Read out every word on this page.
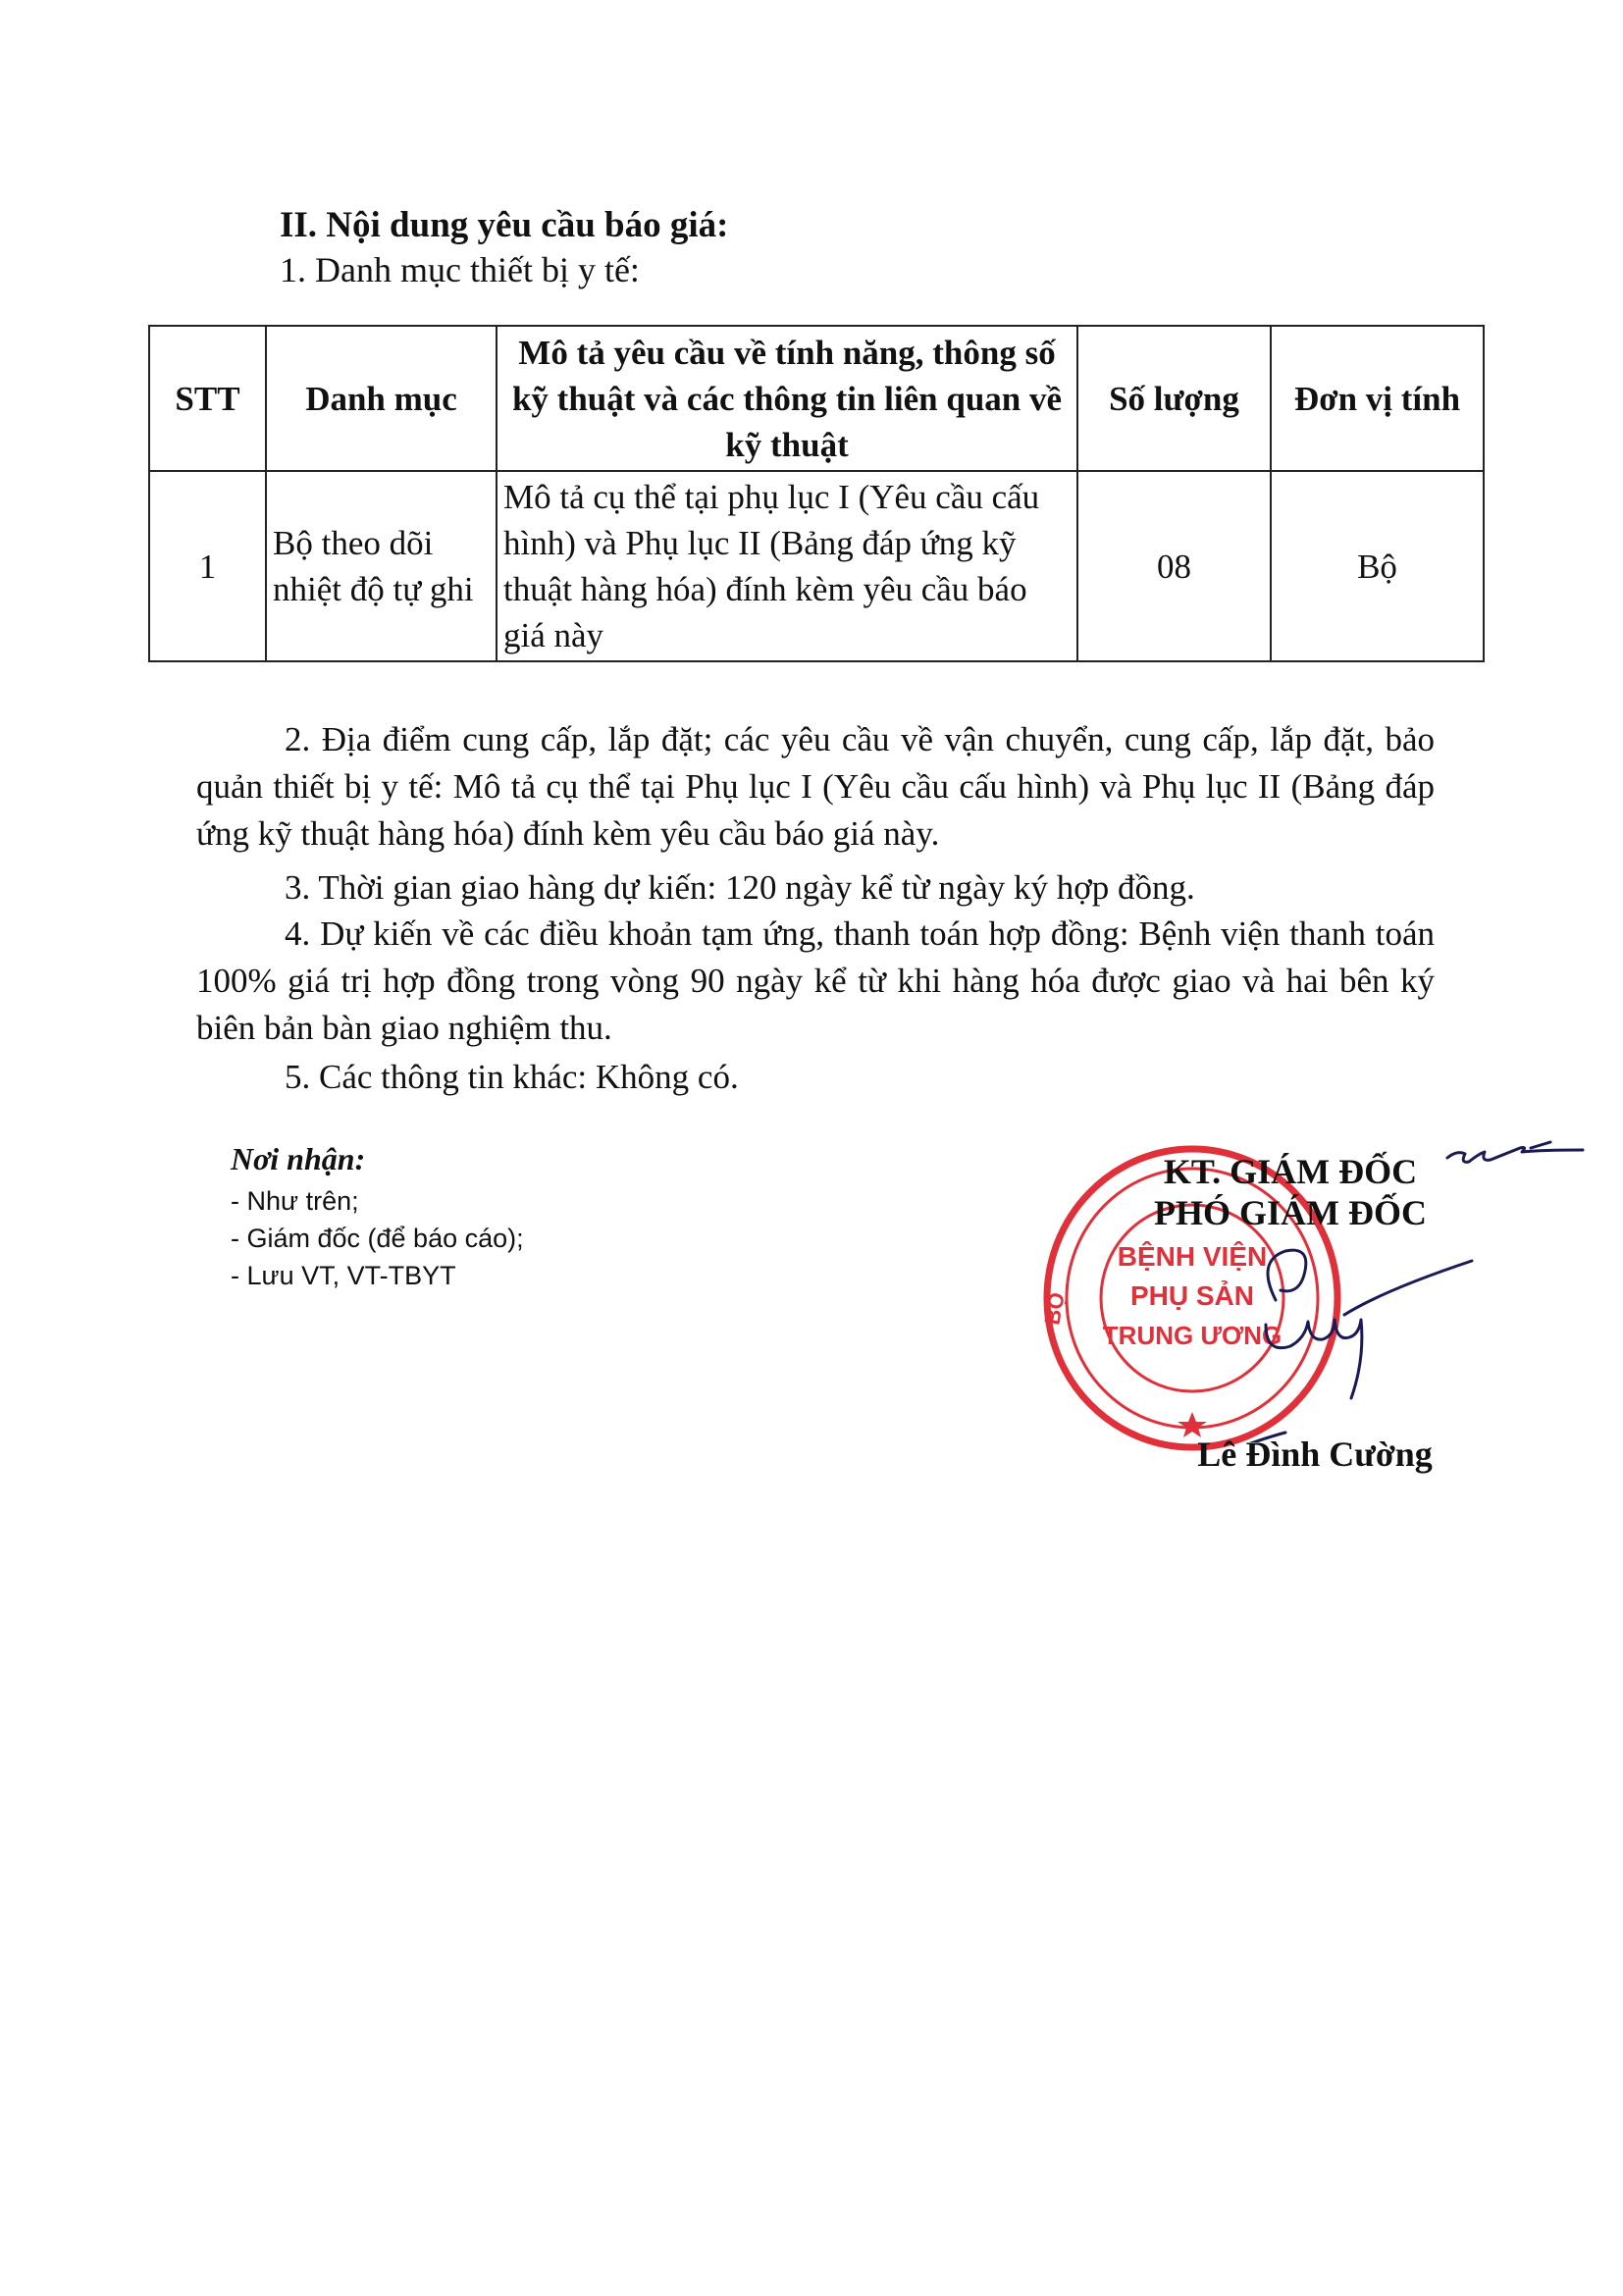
II. Nội dung yêu cầu báo giá:
1. Danh mục thiết bị y tế:
STT	Danh mục	Mô tả yêu cầu về tính năng, thông số kỹ thuật và các thông tin liên quan về kỹ thuật	Số lượng	Đơn vị tính
1	Bộ theo dõi nhiệt độ tự ghi	Mô tả cụ thể tại phụ lục I (Yêu cầu cấu hình) và Phụ lục II (Bảng đáp ứng kỹ thuật hàng hóa) đính kèm yêu cầu báo giá này	08	Bộ
2. Địa điểm cung cấp, lắp đặt; các yêu cầu về vận chuyển, cung cấp, lắp đặt, bảo quản thiết bị y tế: Mô tả cụ thể tại Phụ lục I (Yêu cầu cấu hình) và Phụ lục II (Bảng đáp ứng kỹ thuật hàng hóa) đính kèm yêu cầu báo giá này.
3. Thời gian giao hàng dự kiến: 120 ngày kể từ ngày ký hợp đồng.
4. Dự kiến về các điều khoản tạm ứng, thanh toán hợp đồng: Bệnh viện thanh toán 100% giá trị hợp đồng trong vòng 90 ngày kể từ khi hàng hóa được giao và hai bên ký biên bản bàn giao nghiệm thu.
5. Các thông tin khác: Không có.
Nơi nhận:
- Như trên;
- Giám đốc (để báo cáo);
- Lưu VT, VT-TBYT
BỆNH VIỆN
PHỤ SẢN
TRUNG ƯƠNG
BỘ
KT. GIÁM ĐỐC
PHÓ GIÁM ĐỐC
Lê Đình Cường
